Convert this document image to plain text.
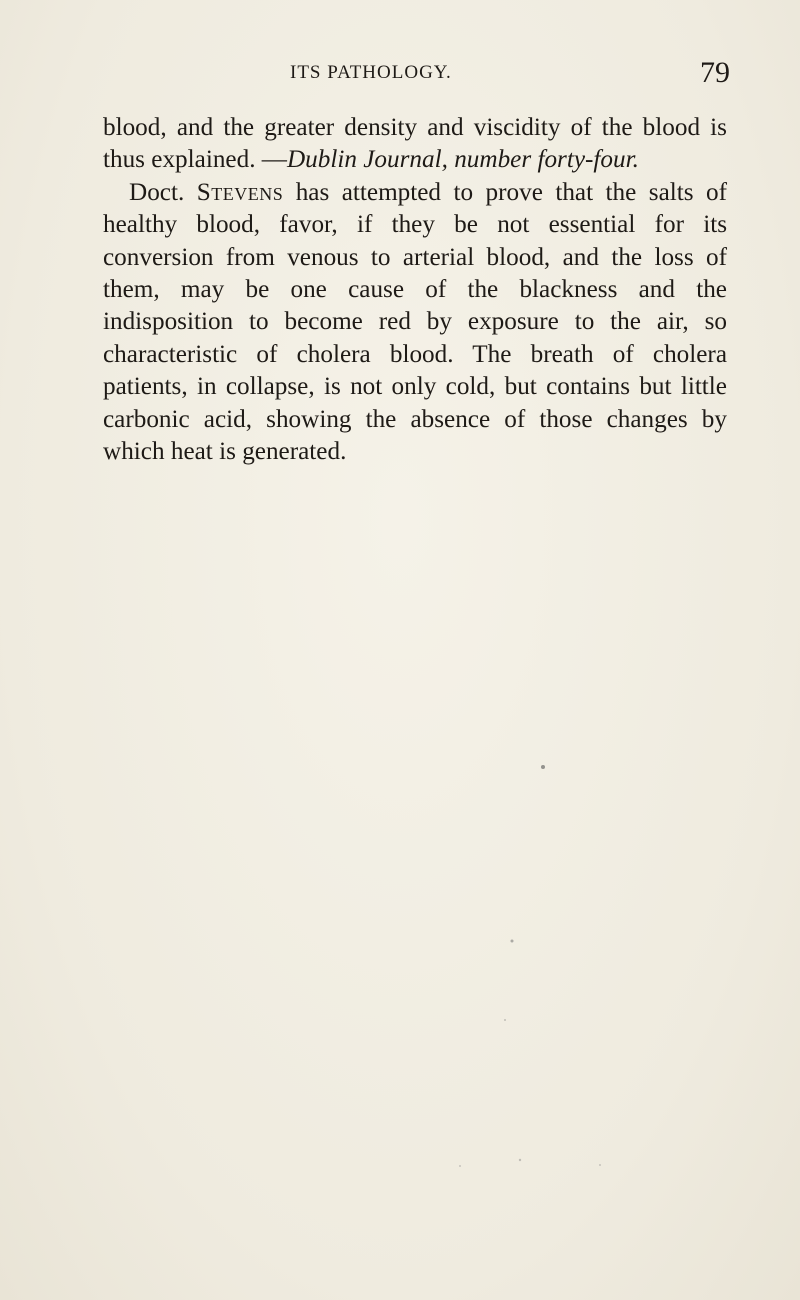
ITS PATHOLOGY.	79

blood, and the greater density and viscidity of the blood is thus explained. —Dublin Journal, number forty-four.

Doct. Stevens has attempted to prove that the salts of healthy blood, favor, if they be not essential for its conversion from venous to arterial blood, and the loss of them, may be one cause of the blackness and the indisposition to become red by exposure to the air, so characteristic of cholera blood. The breath of cholera patients, in collapse, is not only cold, but contains but little carbonic acid, showing the absence of those changes by which heat is generated.
